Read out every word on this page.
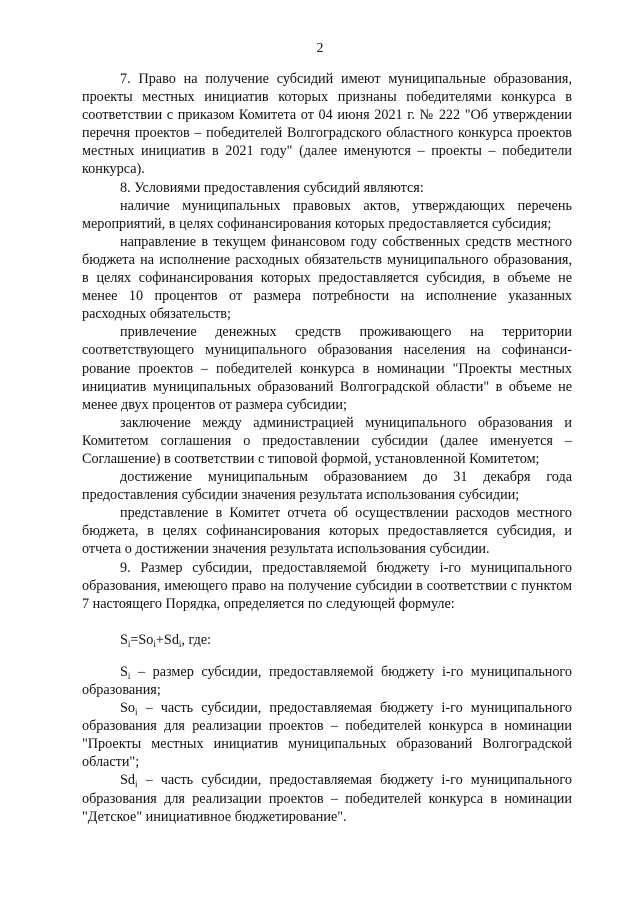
2

7. Право на получение субсидий имеют муниципальные образования, проекты местных инициатив которых признаны победителями конкурса в соответствии с приказом Комитета от 04 июня 2021 г. № 222 "Об утверждении перечня проектов – победителей Волгоградского областного конкурса проектов местных инициатив в 2021 году" (далее именуются – проекты – победители конкурса).

8. Условиями предоставления субсидий являются:

наличие муниципальных правовых актов, утверждающих перечень мероприятий, в целях софинансирования которых предоставляется субсидия;

направление в текущем финансовом году собственных средств местного бюджета на исполнение расходных обязательств муниципального образования, в целях софинансирования которых предоставляется субсидия, в объеме не менее 10 процентов от размера потребности на исполнение указанных расходных обязательств;

привлечение денежных средств проживающего на территории соответствующего муниципального образования населения на софинансирование проектов – победителей конкурса в номинации "Проекты местных инициатив муниципальных образований Волгоградской области" в объеме не менее двух процентов от размера субсидии;

заключение между администрацией муниципального образования и Комитетом соглашения о предоставлении субсидии (далее именуется – Соглашение) в соответствии с типовой формой, установленной Комитетом;

достижение муниципальным образованием до 31 декабря года предоставления субсидии значения результата использования субсидии;

представление в Комитет отчета об осуществлении расходов местного бюджета, в целях софинансирования которых предоставляется субсидия, и отчета о достижении значения результата использования субсидии.

9. Размер субсидии, предоставляемой бюджету i-го муниципального образования, имеющего право на получение субсидии в соответствии с пунктом 7 настоящего Порядка, определяется по следующей формуле:

$S_i=So_i+Sd_i$, где:

$S_i$ – размер субсидии, предоставляемой бюджету i-го муниципального образования;

$So_i$ – часть субсидии, предоставляемая бюджету i-го муниципального образования для реализации проектов – победителей конкурса в номинации "Проекты местных инициатив муниципальных образований Волгоградской области";

$Sd_i$ – часть субсидии, предоставляемая бюджету i-го муниципального образования для реализации проектов – победителей конкурса в номинации "Детское" инициативное бюджетирование".
